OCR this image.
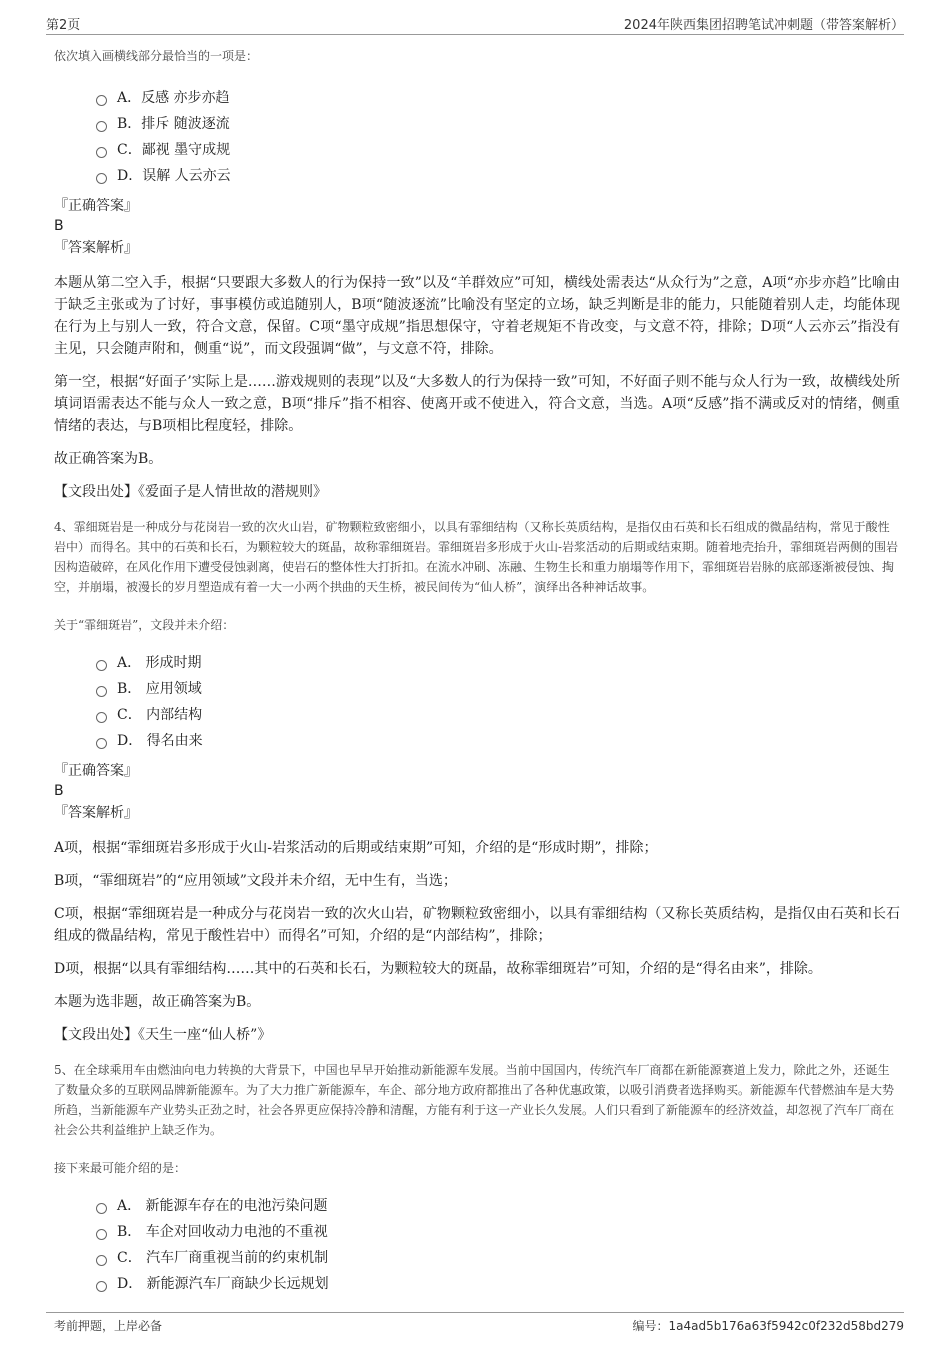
第2页	2024年陕西集团招聘笔试冲刺题（带答案解析）
依次填入画横线部分最恰当的一项是：
A．反感 亦步亦趋
B．排斥 随波逐流
C．鄙视 墨守成规
D．误解 人云亦云
『正确答案』
B
『答案解析』

本题从第二空入手，根据“只要跟大多数人的行为保持一致”以及“羊群效应”可知，横线处需表达“从众行为”之意，A项“亦步亦趋”比喻由于缺乏主张或为了讨好，事事模仿或追随别人，B项“随波逐流”比喻没有坚定的立场，缺乏判断是非的能力，只能随着别人走，均能体现在行为上与别人一致，符合文意，保留。C项“墨守成规”指思想保守，守着老规矩不肯改变，与文意不符，排除；D项“人云亦云”指没有主见，只会随声附和，侧重“说”，而文段强调“做”，与文意不符，排除。

第一空，根据“好面子’实际上是……游戏规则的表现”以及“大多数人的行为保持一致”可知，不好面子则不能与众人行为一致，故横线处所填词语需表达不能与众人一致之意，B项“排斥”指不相容、使离开或不使进入，符合文意，当选。A项“反感”指不满或反对的情绪，侧重情绪的表达，与B项相比程度轻，排除。

故正确答案为B。

【文段出处】《爱面子是人情世故的潜规则》
4、霏细斑岩是一种成分与花岗岩一致的次火山岩，矿物颗粒致密细小，以具有霏细结构（又称长英质结构，是指仅由石英和长石组成的微晶结构，常见于酸性岩中）而得名。其中的石英和长石，为颗粒较大的斑晶，故称霏细斑岩。霏细斑岩多形成于火山-岩浆活动的后期或结束期。随着地壳抬升，霏细斑岩两侧的围岩因构造破碎，在风化作用下遭受侵蚀剥离，使岩石的整体性大打折扣。在流水冲刷、冻融、生物生长和重力崩塌等作用下，霏细斑岩岩脉的底部逐渐被侵蚀、掏空，并崩塌，被漫长的岁月塑造成有着一大一小两个拱曲的天生桥，被民间传为“仙人桥”，演绎出各种神话故事。
关于“霏细斑岩”，文段并未介绍：
A． 形成时期
B． 应用领域
C． 内部结构
D． 得名由来
『正确答案』
B
『答案解析』

A项，根据“霏细斑岩多形成于火山-岩浆活动的后期或结束期”可知，介绍的是“形成时期”，排除；

B项，“霏细斑岩”的“应用领域”文段并未介绍，无中生有，当选；

C项，根据“霏细斑岩是一种成分与花岗岩一致的次火山岩，矿物颗粒致密细小，以具有霏细结构（又称长英质结构，是指仅由石英和长石组成的微晶结构，常见于酸性岩中）而得名”可知，介绍的是“内部结构”，排除；

D项，根据“以具有霏细结构……其中的石英和长石，为颗粒较大的斑晶，故称霏细斑岩”可知，介绍的是“得名由来”，排除。

本题为选非题，故正确答案为B。

【文段出处】《天生一座“仙人桥”》
5、在全球乘用车由燃油向电力转换的大背景下，中国也早早开始推动新能源车发展。当前中国国内，传统汽车厂商都在新能源赛道上发力，除此之外，还诞生了数量众多的互联网品牌新能源车。为了大力推广新能源车，车企、部分地方政府都推出了各种优惠政策，以吸引消费者选择购买。新能源车代替燃油车是大势所趋，当新能源车产业势头正劲之时，社会各界更应保持冷静和清醒，方能有利于这一产业长久发展。人们只看到了新能源车的经济效益，却忽视了汽车厂商在社会公共利益维护上缺乏作为。
接下来最可能介绍的是：
A． 新能源车存在的电池污染问题
B． 车企对回收动力电池的不重视
C． 汽车厂商重视当前的约束机制
D． 新能源汽车厂商缺少长远规划
考前押题，上岸必备	编号：1a4ad5b176a63f5942c0f232d58bd279
